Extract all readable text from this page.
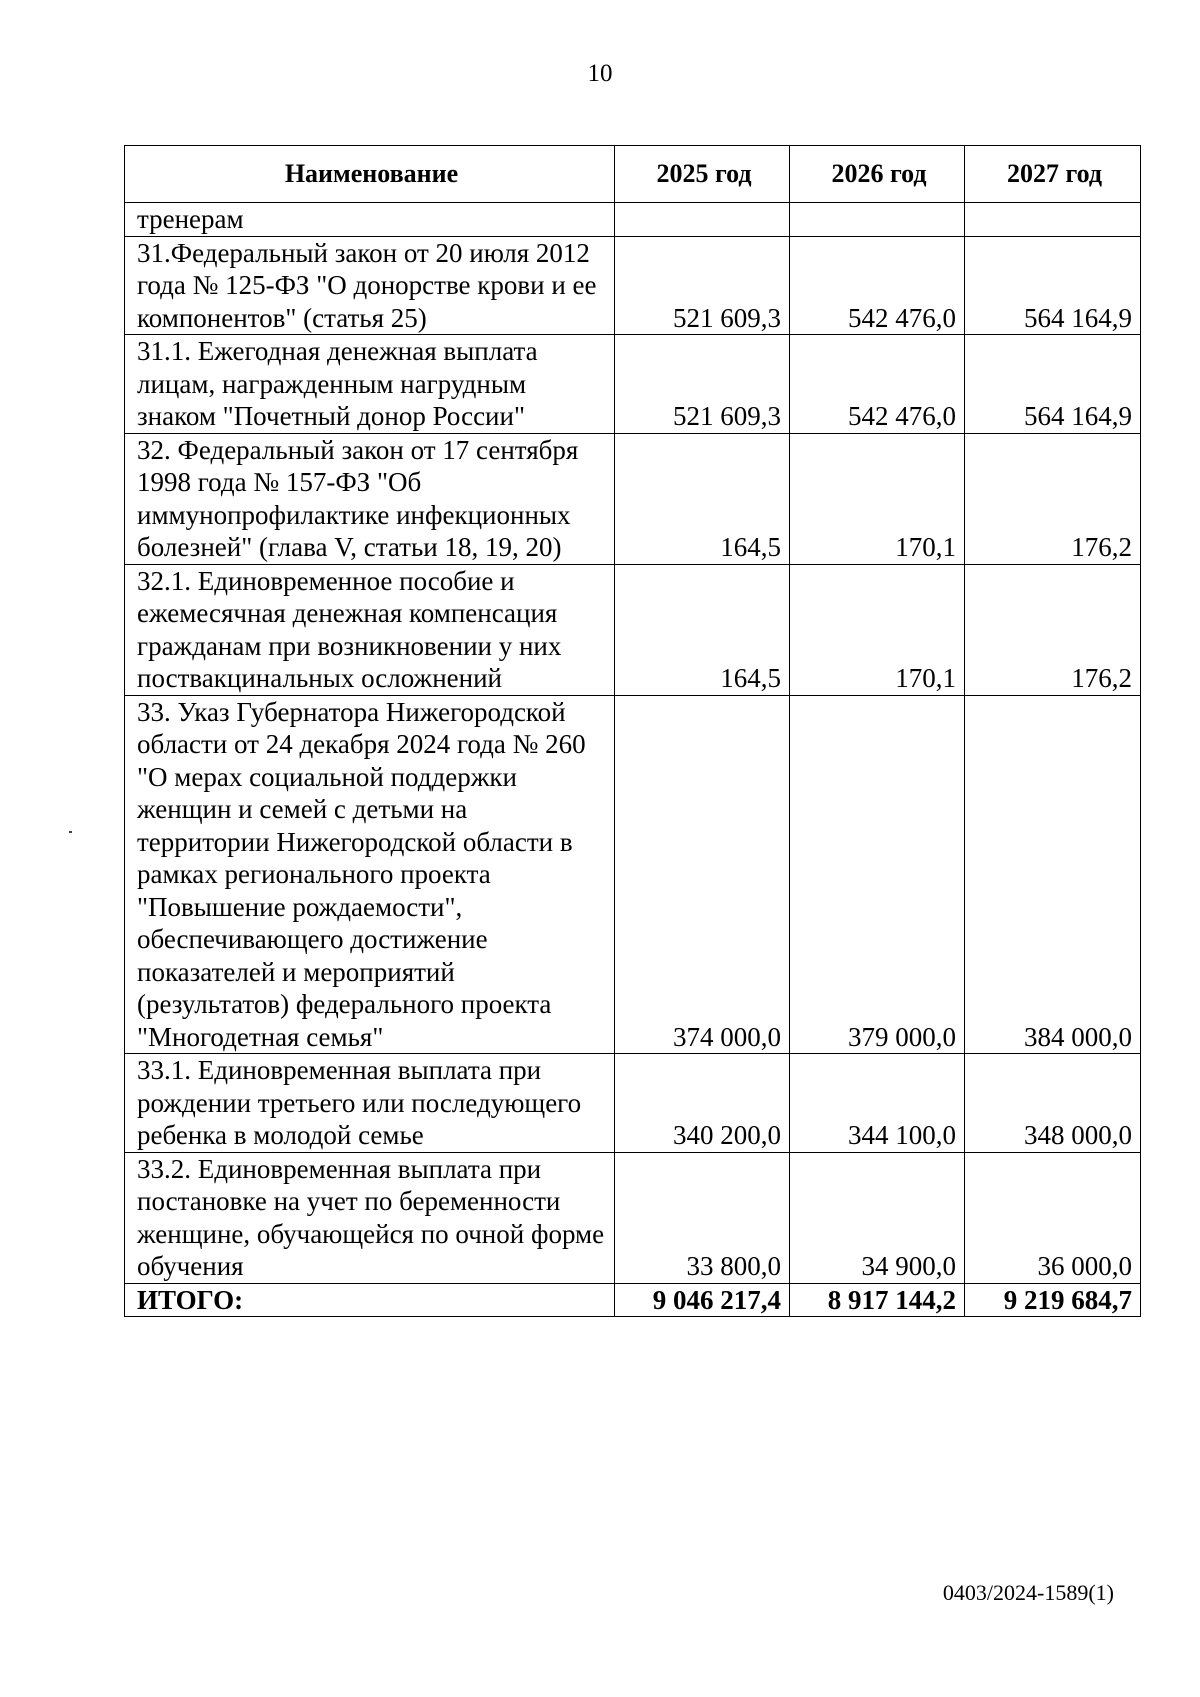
10
Наименование	2025 год	2026 год	2027 год
тренерам			
31.Федеральный закон от 20 июля 2012 года № 125-ФЗ "О донорстве крови и ее компонентов" (статья 25)	521 609,3	542 476,0	564 164,9
31.1. Ежегодная денежная выплата лицам, награжденным нагрудным знаком "Почетный донор России"	521 609,3	542 476,0	564 164,9
32. Федеральный закон от 17 сентября 1998 года № 157-ФЗ "Об иммунопрофилактике инфекционных болезней" (глава V, статьи 18, 19, 20)	164,5	170,1	176,2
32.1. Единовременное пособие и ежемесячная денежная компенсация гражданам при возникновении у них поствакцинальных осложнений	164,5	170,1	176,2
33. Указ Губернатора Нижегородской области от 24 декабря 2024 года № 260 "О мерах социальной поддержки женщин и семей с детьми на территории Нижегородской области в рамках регионального проекта "Повышение рождаемости", обеспечивающего достижение показателей и мероприятий (результатов) федерального проекта "Многодетная семья"	374 000,0	379 000,0	384 000,0
33.1. Единовременная выплата при рождении третьего или последующего ребенка в молодой семье	340 200,0	344 100,0	348 000,0
33.2. Единовременная выплата при постановке на учет по беременности женщине, обучающейся по очной форме обучения	33 800,0	34 900,0	36 000,0
ИТОГО:	9 046 217,4	8 917 144,2	9 219 684,7
0403/2024-1589(1)
